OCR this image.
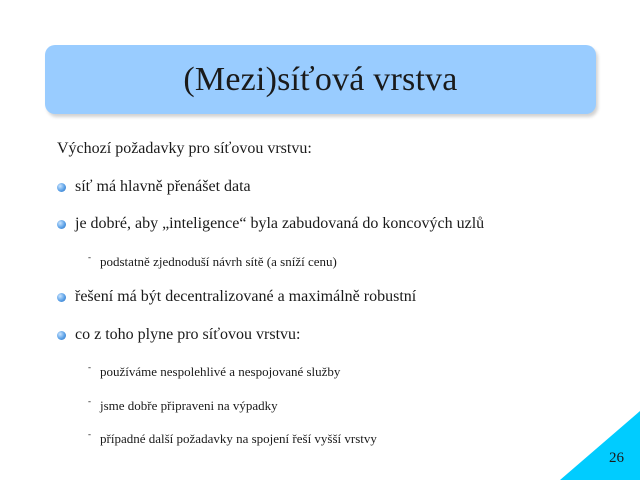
(Mezi)síťová vrstva
Výchozí požadavky pro síťovou vrstvu:
síť má hlavně přenášet data
je dobré, aby „inteligence“ byla zabudovaná do koncových uzlů
- podstatně zjednoduší návrh sítě (a sníží cenu)
řešení má být decentralizované a maximálně robustní
co z toho plyne pro síťovou vrstvu:
- používáme nespolehlivé a nespojované služby
- jsme dobře připraveni na výpadky
- případné další požadavky na spojení řeší vyšší vrstvy
26
